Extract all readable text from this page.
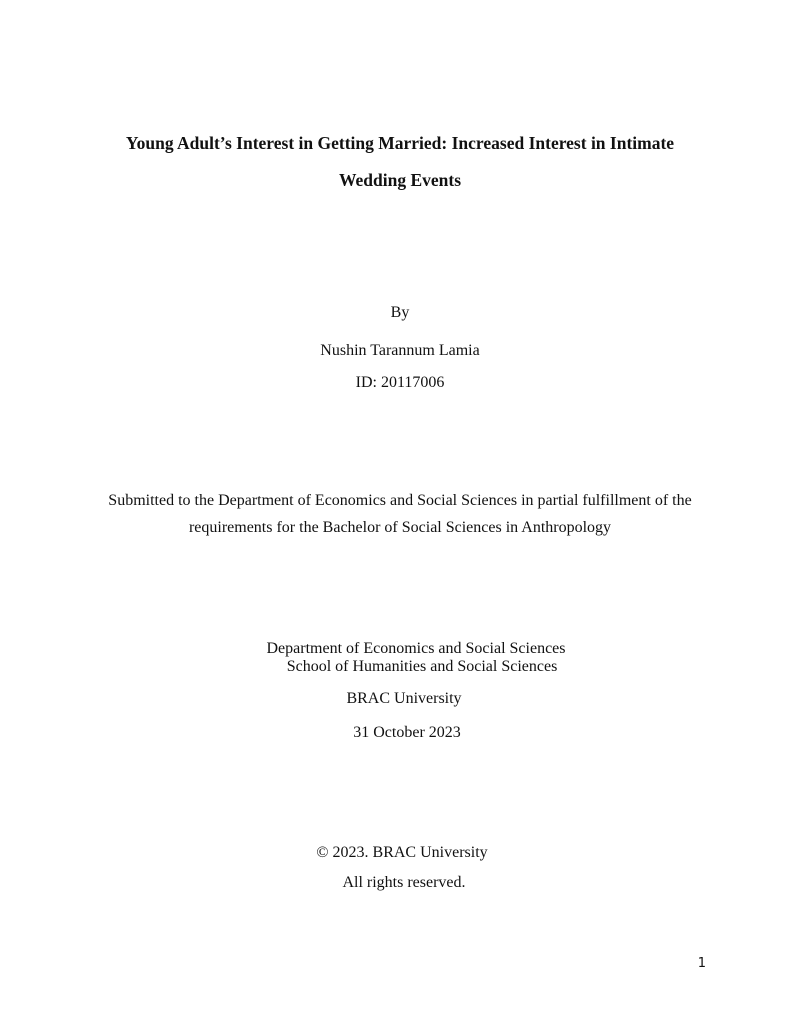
Young Adult’s Interest in Getting Married: Increased Interest in Intimate
Wedding Events
By
Nushin Tarannum Lamia
ID: 20117006
Submitted to the Department of Economics and Social Sciences in partial fulfillment of the
requirements for the Bachelor of Social Sciences in Anthropology
Department of Economics and Social Sciences
School of Humanities and Social Sciences
BRAC University
31 October 2023
© 2023. BRAC University
All rights reserved.
1
